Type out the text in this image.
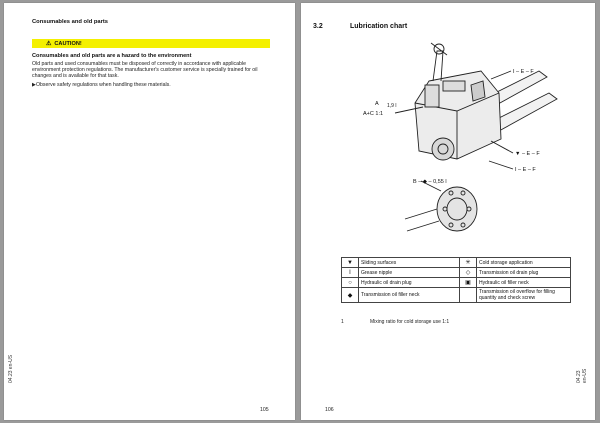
Consumables and old parts
⚠ CAUTION!
Consumables and old parts are a hazard to the environment

Old parts and used consumables must be disposed of correctly in accordance with applicable environment protection regulations. The manufacturer's customer service is specially trained for oil changes and is available for that task.

▶Observe safety regulations when handling these materials.
04.23 en-US
105
3.2	Lubrication chart
I – E – F
A
A+C 1:1
1,9 l
▼ – E – F
I – E – F
B – ◆ – 0,55 l
▼	Sliding surfaces	✳	Cold storage application
I	Grease nipple	◇	Transmission oil drain plug
○	Hydraulic oil drain plug	▣	Hydraulic oil filler neck
◆	Transmission oil filler neck		Transmission oil overflow for filling quantity and check screw
1	Mixing ratio for cold storage use 1:1
04.23 en-US
106
